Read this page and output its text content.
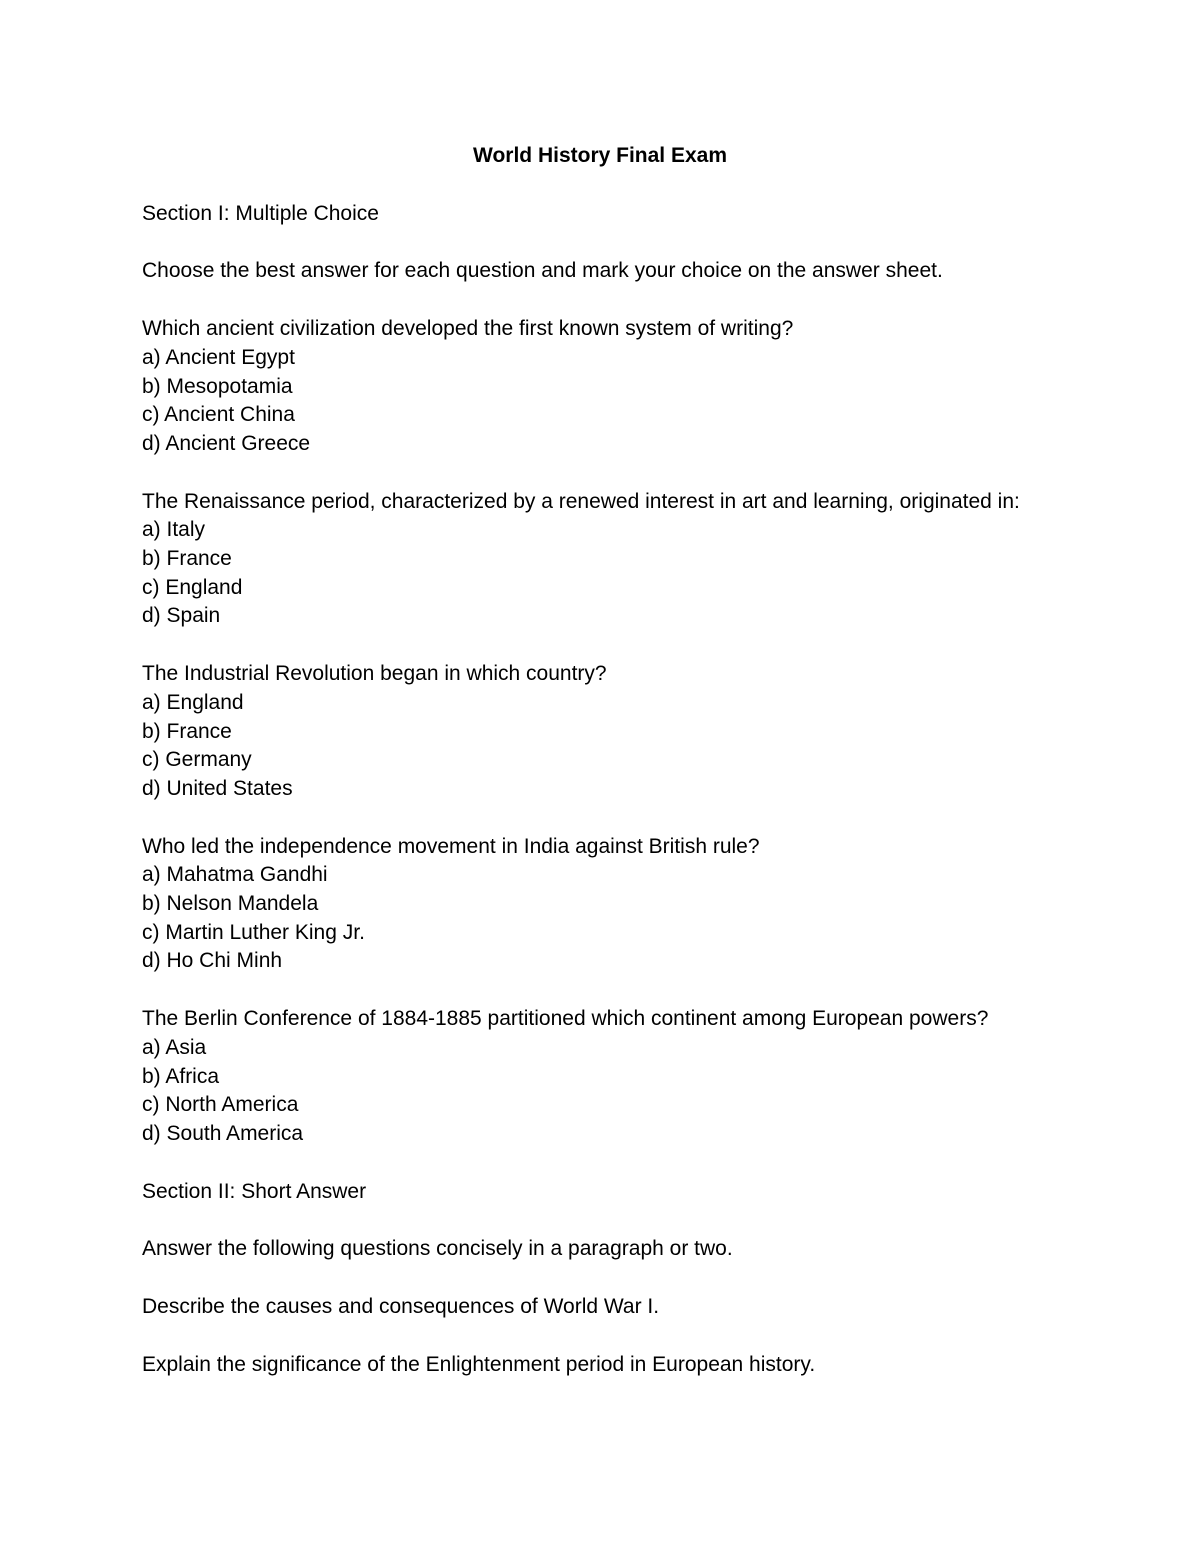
World History Final Exam
Section I: Multiple Choice
Choose the best answer for each question and mark your choice on the answer sheet.
Which ancient civilization developed the first known system of writing?
a) Ancient Egypt
b) Mesopotamia
c) Ancient China
d) Ancient Greece
The Renaissance period, characterized by a renewed interest in art and learning, originated in:
a) Italy
b) France
c) England
d) Spain
The Industrial Revolution began in which country?
a) England
b) France
c) Germany
d) United States
Who led the independence movement in India against British rule?
a) Mahatma Gandhi
b) Nelson Mandela
c) Martin Luther King Jr.
d) Ho Chi Minh
The Berlin Conference of 1884-1885 partitioned which continent among European powers?
a) Asia
b) Africa
c) North America
d) South America
Section II: Short Answer
Answer the following questions concisely in a paragraph or two.
Describe the causes and consequences of World War I.
Explain the significance of the Enlightenment period in European history.
